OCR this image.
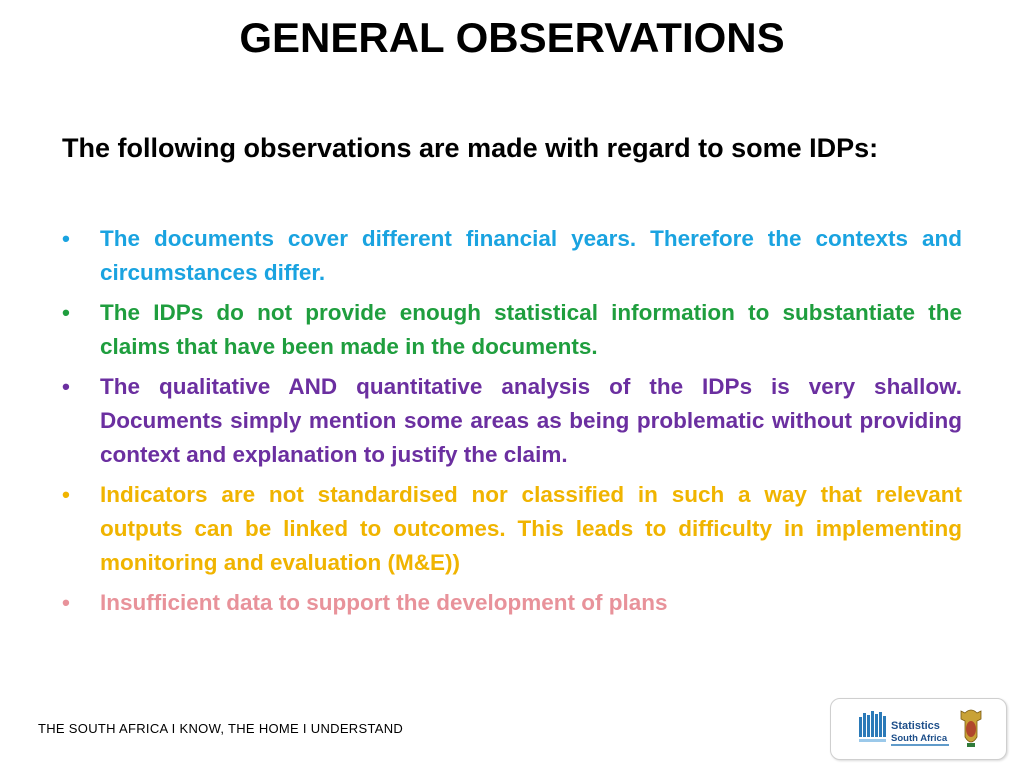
GENERAL OBSERVATIONS
The following observations are made with regard to some IDPs:
•	The documents cover different financial years. Therefore the contexts and circumstances differ.
•	The IDPs do not provide enough statistical information to substantiate the claims that have been made in the documents.
•	The qualitative AND quantitative analysis of the IDPs is very shallow. Documents simply mention some areas as being problematic without providing context and explanation to justify the claim.
•	Indicators are not standardised nor classified in such a way that relevant outputs can be linked to outcomes. This leads to difficulty in implementing monitoring and evaluation (M&E))
•	Insufficient data to support the development of plans
THE SOUTH AFRICA I KNOW, THE HOME I UNDERSTAND	Statistics
South Africa
